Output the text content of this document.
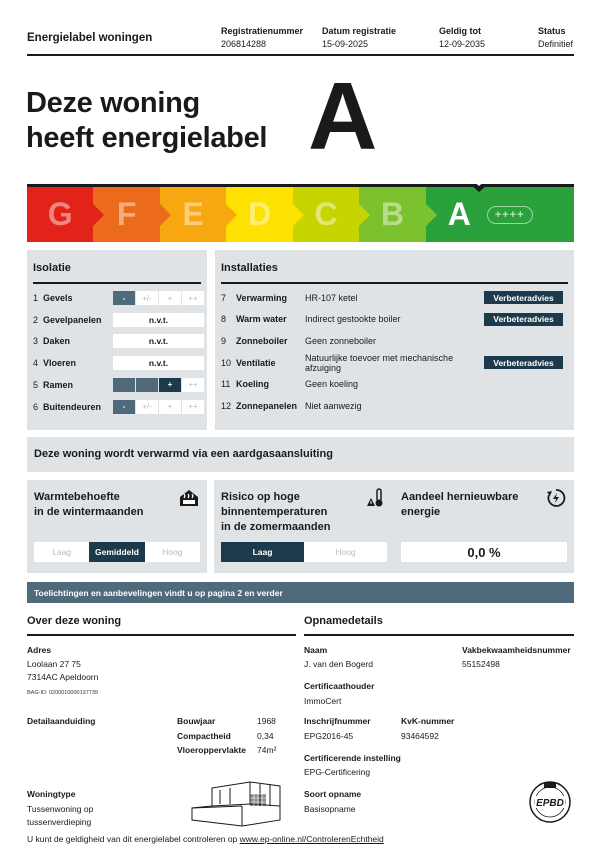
Energielabel woningen
Registratienummer
206814288
Datum registratie
15-09-2025
Geldig tot
12-09-2035
Status
Definitief
Deze woning
heeft energielabel A
G F E D C B A	++++
Isolatie
1 Gevels	-	+/-	+	++
2 Gevelpanelen	n.v.t.
3 Daken	n.v.t.
4 Vloeren	n.v.t.
5 Ramen	+	++
6 Buitendeuren	-	+/-	+	++
Installaties
7	Verwarming	HR-107 ketel	Verbeteradvies
8	Warm water	Indirect gestookte boiler	Verbeteradvies
9	Zonneboiler	Geen zonneboiler
10 Ventilatie	Natuurlijke toevoer met mechanische afzuiging	Verbeteradvies
11 Koeling	Geen koeling
12 Zonnepanelen Niet aanwezig
Deze woning wordt verwarmd via een aardgasaansluiting
Warmtebehoefte
in de wintermaanden
Laag	Gemiddeld	Hoog
Risico op hoge
binnentemperaturen
in de zomermaanden
Laag	Hoog
Aandeel hernieuwbare
energie
0,0 %
Toelichtingen en aanbevelingen vindt u op pagina 2 en verder
Over deze woning
Adres
Loolaan 27 75
7314AC Apeldoorn
BAG-ID: 0200010000137739
Detailaanduiding	Bouwjaar	1968
Compactheid	0,34
Vloeroppervlakte 74m²
Woningtype
Tussenwoning op
tussenverdieping
Opnamedetails
Naam
J. van den Bogerd
Vakbekwaamheidsnummer
55152498
Certificaathouder
ImmoCert
Inschrijfnummer
EPG2016-45
KvK-nummer
93464592
Certificerende instelling
EPG-Certificering
Soort opname
Basisopname	EPBD
U kunt de geldigheid van dit energielabel controleren op www.ep-online.nl/ControlerenEchtheid
